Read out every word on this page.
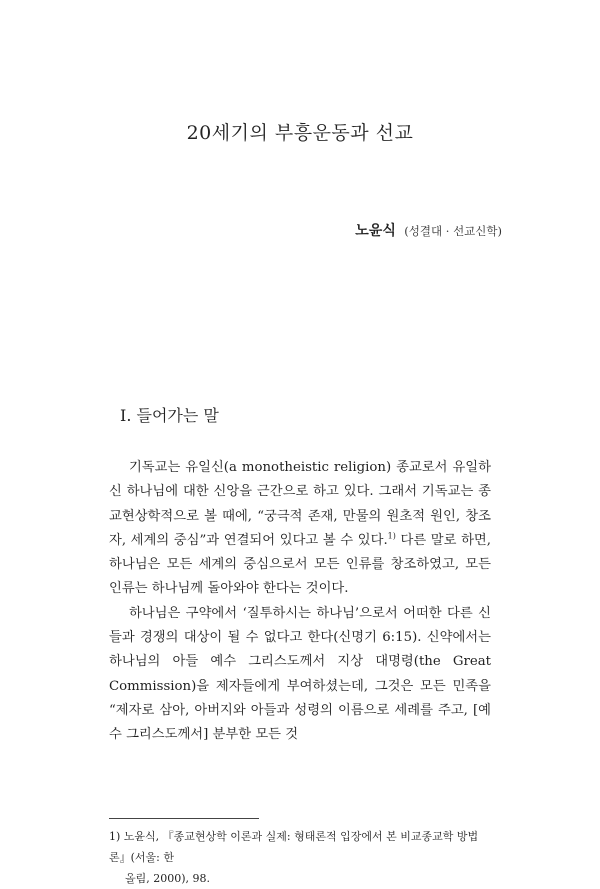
20세기의 부흥운동과 선교
노윤식 (성결대 · 선교신학)
I. 들어가는 말

기독교는 유일신(a monotheistic religion) 종교로서 유일하신 하나님에 대한 신앙을 근간으로 하고 있다. 그래서 기독교는 종교현상학적으로 볼 때에, “궁극적 존재, 만물의 원초적 원인, 창조자, 세계의 중심”과 연결되어 있다고 볼 수 있다.$^{1)}$ 다른 말로 하면, 하나님은 모든 세계의 중심으로서 모든 인류를 창조하였고, 모든 인류는 하나님께 돌아와야 한다는 것이다.

하나님은 구약에서 ‘질투하시는 하나님’으로서 어떠한 다른 신들과 경쟁의 대상이 될 수 없다고 한다(신명기 6:15). 신약에서는 하나님의 아들 예수 그리스도께서 지상 대명령(the Great Commission)을 제자들에게 부여하셨는데, 그것은 모든 민족을 “제자로 삼아, 아버지와 아들과 성령의 이름으로 세례를 주고, [예수 그리스도께서] 분부한 모든 것

1) 노윤식, 『종교현상학 이론과 실제: 형태론적 입장에서 본 비교종교학 방법론』(서울: 한
올림, 2000), 98.
